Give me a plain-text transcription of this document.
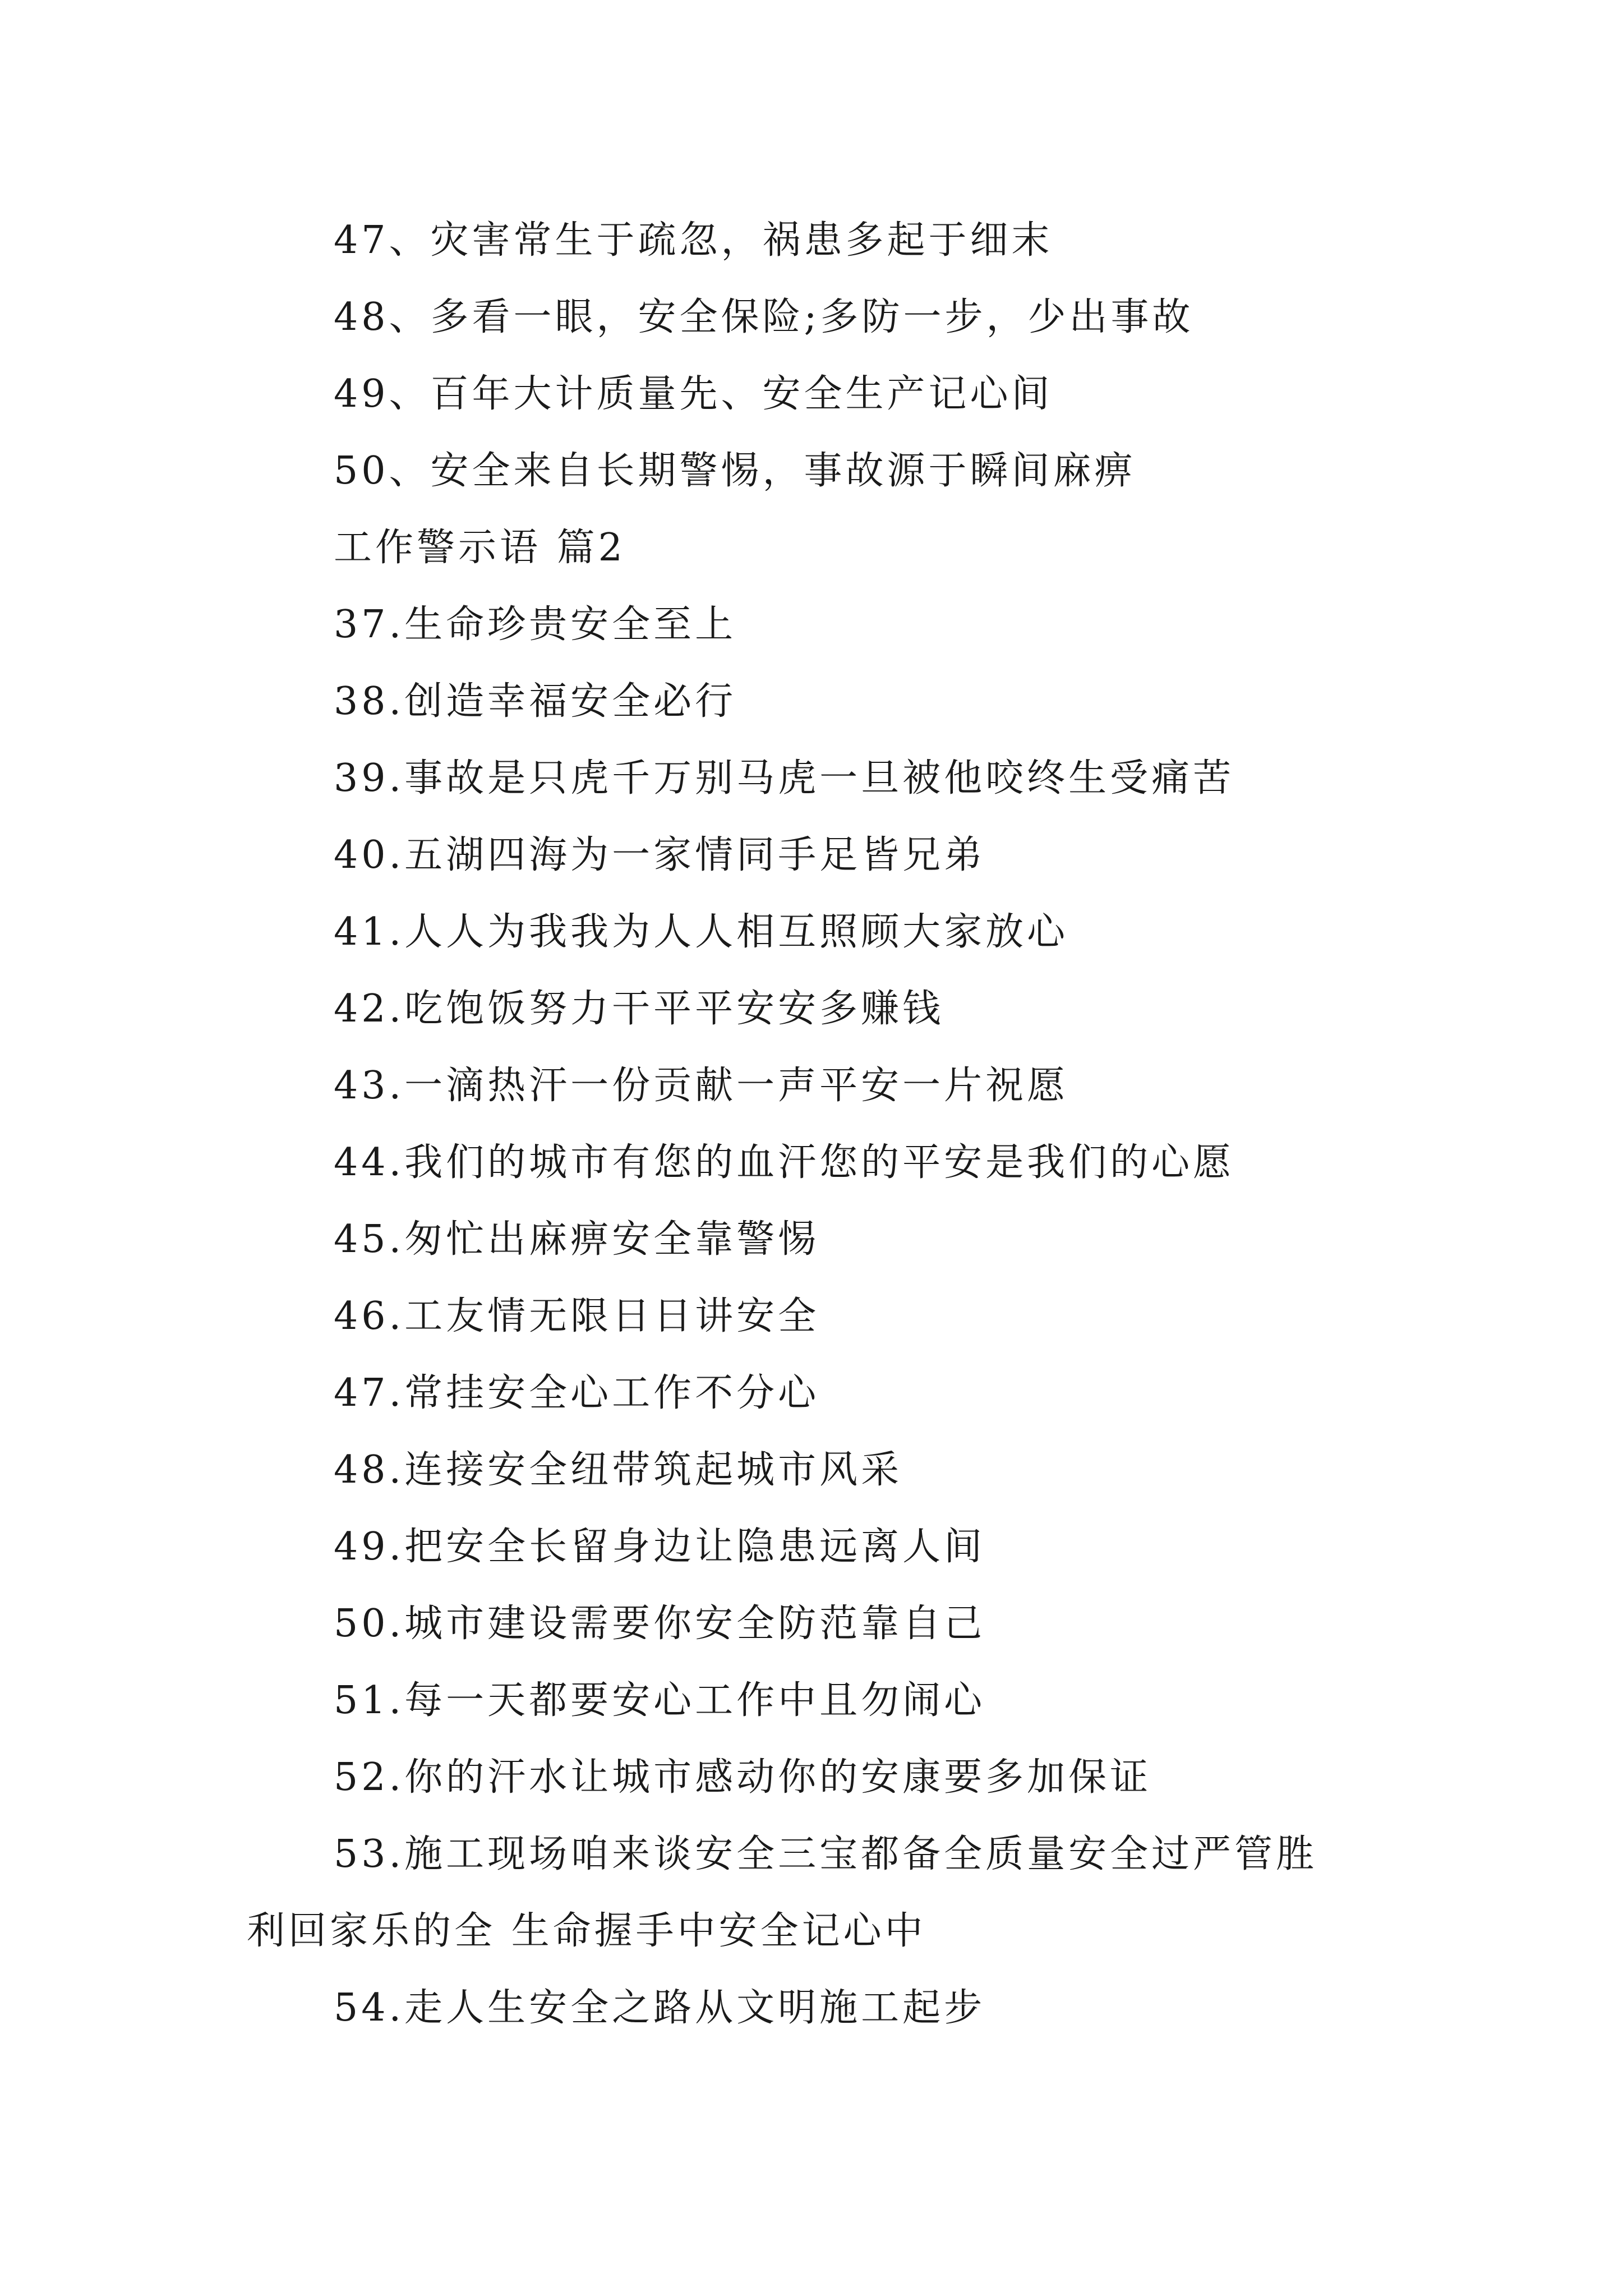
47、灾害常生于疏忽，祸患多起于细末

48、多看一眼，安全保险;多防一步，少出事故

49、百年大计质量先、安全生产记心间

50、安全来自长期警惕，事故源于瞬间麻痹

工作警示语 篇2

37.生命珍贵安全至上

38.创造幸福安全必行

39.事故是只虎千万别马虎一旦被他咬终生受痛苦

40.五湖四海为一家情同手足皆兄弟

41.人人为我我为人人相互照顾大家放心

42.吃饱饭努力干平平安安多赚钱

43.一滴热汗一份贡献一声平安一片祝愿

44.我们的城市有您的血汗您的平安是我们的心愿

45.匆忙出麻痹安全靠警惕

46.工友情无限日日讲安全

47.常挂安全心工作不分心

48.连接安全纽带筑起城市风采

49.把安全长留身边让隐患远离人间

50.城市建设需要你安全防范靠自己

51.每一天都要安心工作中且勿闹心

52.你的汗水让城市感动你的安康要多加保证

53.施工现场咱来谈安全三宝都备全质量安全过严管胜

利回家乐的全 生命握手中安全记心中

54.走人生安全之路从文明施工起步
